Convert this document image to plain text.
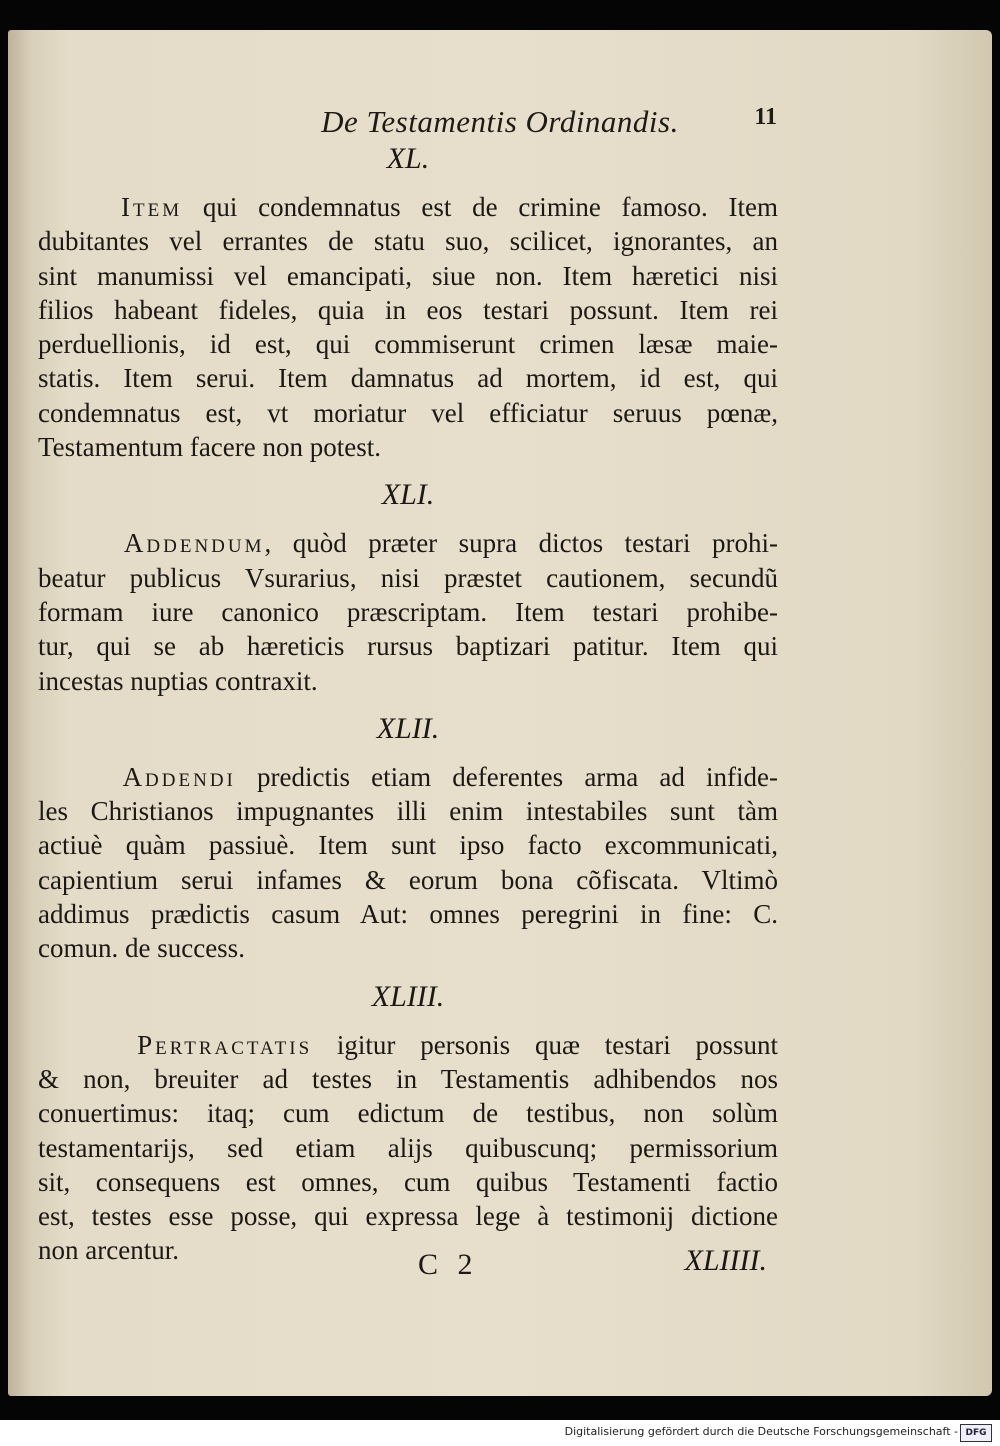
De Testamentis Ordinandis.	11
XL.
Item qui condemnatus est de crimine famoso. Item
dubitantes vel errantes de statu suo, scilicet, ignorantes, an
sint manumissi vel emancipati, siue non. Item hæretici nisi
filios habeant fideles, quia in eos testari possunt. Item rei
perduellionis, id est, qui commiserunt crimen læsæ maie-
statis. Item serui. Item damnatus ad mortem, id est, qui
condemnatus est, vt moriatur vel efficiatur seruus pœnæ,
Testamentum facere non potest.
XLI.
Addendum, quòd præter supra dictos testari prohi-
beatur publicus Vsurarius, nisi præstet cautionem, secundũ
formam iure canonico præscriptam. Item testari prohibe-
tur, qui se ab hæreticis rursus baptizari patitur. Item qui
incestas nuptias contraxit.
XLII.
Addendi predictis etiam deferentes arma ad infide-
les Christianos impugnantes illi enim intestabiles sunt tàm
actiuè quàm passiuè. Item sunt ipso facto excommunicati,
capientium serui infames & eorum bona cõfiscata. Vltimò
addimus prædictis casum Aut: omnes peregrini in fine: C.
comun. de success.
XLIII.
Pertractatis igitur personis quæ testari possunt
& non, breuiter ad testes in Testamentis adhibendos nos
conuertimus: itaq; cum edictum de testibus, non solùm
testamentarijs, sed etiam alijs quibuscunq; permissorium
sit, consequens est omnes, cum quibus Testamenti factio
est, testes esse posse, qui expressa lege à testimonij dictione
non arcentur.	C 2	XLIIII.
Digitalisierung gefördert durch die Deutsche Forschungsgemeinschaft - DFG
